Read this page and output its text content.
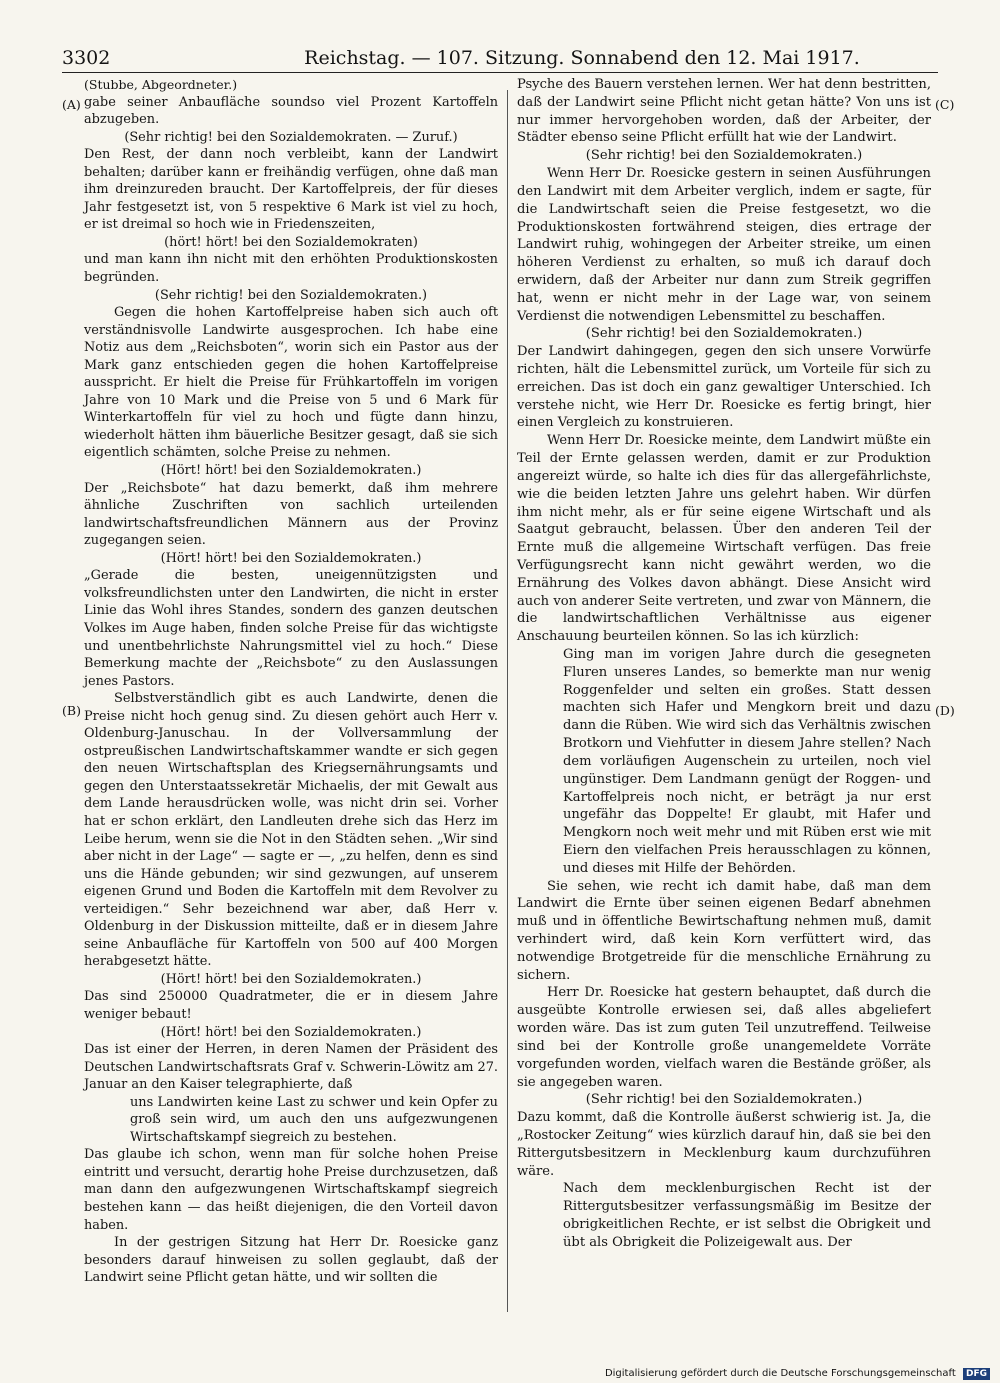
3302	Reichstag. — 107. Sitzung. Sonnabend den 12. Mai 1917.
(A)
(B)
(C)
(D)

(Stubbe, Abgeordneter.)

gabe seiner Anbaufläche soundso viel Prozent Kartoffeln abzugeben.

(Sehr richtig! bei den Sozialdemokraten. — Zuruf.)

Den Rest, der dann noch verbleibt, kann der Landwirt behalten; darüber kann er freihändig verfügen, ohne daß man ihm dreinzureden braucht. Der Kartoffelpreis, der für dieses Jahr festgesetzt ist, von 5 respektive 6 Mark ist viel zu hoch, er ist dreimal so hoch wie in Friedenszeiten,

(hört! hört! bei den Sozialdemokraten)

und man kann ihn nicht mit den erhöhten Produktionskosten begründen.

(Sehr richtig! bei den Sozialdemokraten.)

Gegen die hohen Kartoffelpreise haben sich auch oft verständnisvolle Landwirte ausgesprochen. Ich habe eine Notiz aus dem „Reichsboten“, worin sich ein Pastor aus der Mark ganz entschieden gegen die hohen Kartoffelpreise ausspricht. Er hielt die Preise für Frühkartoffeln im vorigen Jahre von 10 Mark und die Preise von 5 und 6 Mark für Winterkartoffeln für viel zu hoch und fügte dann hinzu, wiederholt hätten ihm bäuerliche Besitzer gesagt, daß sie sich eigentlich schämten, solche Preise zu nehmen.

(Hört! hört! bei den Sozialdemokraten.)

Der „Reichsbote“ hat dazu bemerkt, daß ihm mehrere ähnliche Zuschriften von sachlich urteilenden landwirtschaftsfreundlichen Männern aus der Provinz zugegangen seien.

(Hört! hört! bei den Sozialdemokraten.)

„Gerade die besten, uneigennützigsten und volksfreundlichsten unter den Landwirten, die nicht in erster Linie das Wohl ihres Standes, sondern des ganzen deutschen Volkes im Auge haben, finden solche Preise für das wichtigste und unentbehrlichste Nahrungsmittel viel zu hoch.“ Diese Bemerkung machte der „Reichsbote“ zu den Auslassungen jenes Pastors.

Selbstverständlich gibt es auch Landwirte, denen die Preise nicht hoch genug sind. Zu diesen gehört auch Herr v. Oldenburg-Januschau. In der Vollversammlung der ostpreußischen Landwirtschaftskammer wandte er sich gegen den neuen Wirtschaftsplan des Kriegsernährungsamts und gegen den Unterstaatssekretär Michaelis, der mit Gewalt aus dem Lande herausdrücken wolle, was nicht drin sei. Vorher hat er schon erklärt, den Landleuten drehe sich das Herz im Leibe herum, wenn sie die Not in den Städten sehen. „Wir sind aber nicht in der Lage“ — sagte er —, „zu helfen, denn es sind uns die Hände gebunden; wir sind gezwungen, auf unserem eigenen Grund und Boden die Kartoffeln mit dem Revolver zu verteidigen.“ Sehr bezeichnend war aber, daß Herr v. Oldenburg in der Diskussion mitteilte, daß er in diesem Jahre seine Anbaufläche für Kartoffeln von 500 auf 400 Morgen herabgesetzt hätte.

(Hört! hört! bei den Sozialdemokraten.)

Das sind 250000 Quadratmeter, die er in diesem Jahre weniger bebaut!

(Hört! hört! bei den Sozialdemokraten.)

Das ist einer der Herren, in deren Namen der Präsident des Deutschen Landwirtschaftsrats Graf v. Schwerin-Löwitz am 27. Januar an den Kaiser telegraphierte, daß

uns Landwirten keine Last zu schwer und kein Opfer zu groß sein wird, um auch den uns aufgezwungenen Wirtschaftskampf siegreich zu bestehen.

Das glaube ich schon, wenn man für solche hohen Preise eintritt und versucht, derartig hohe Preise durchzusetzen, daß man dann den aufgezwungenen Wirtschaftskampf siegreich bestehen kann — das heißt diejenigen, die den Vorteil davon haben.

In der gestrigen Sitzung hat Herr Dr. Roesicke ganz besonders darauf hinweisen zu sollen geglaubt, daß der Landwirt seine Pflicht getan hätte, und wir sollten die

Psyche des Bauern verstehen lernen. Wer hat denn bestritten, daß der Landwirt seine Pflicht nicht getan hätte? Von uns ist nur immer hervorgehoben worden, daß der Arbeiter, der Städter ebenso seine Pflicht erfüllt hat wie der Landwirt.

(Sehr richtig! bei den Sozialdemokraten.)

Wenn Herr Dr. Roesicke gestern in seinen Ausführungen den Landwirt mit dem Arbeiter verglich, indem er sagte, für die Landwirtschaft seien die Preise festgesetzt, wo die Produktionskosten fortwährend steigen, dies ertrage der Landwirt ruhig, wohingegen der Arbeiter streike, um einen höheren Verdienst zu erhalten, so muß ich darauf doch erwidern, daß der Arbeiter nur dann zum Streik gegriffen hat, wenn er nicht mehr in der Lage war, von seinem Verdienst die notwendigen Lebensmittel zu beschaffen.

(Sehr richtig! bei den Sozialdemokraten.)

Der Landwirt dahingegen, gegen den sich unsere Vorwürfe richten, hält die Lebensmittel zurück, um Vorteile für sich zu erreichen. Das ist doch ein ganz gewaltiger Unterschied. Ich verstehe nicht, wie Herr Dr. Roesicke es fertig bringt, hier einen Vergleich zu konstruieren.

Wenn Herr Dr. Roesicke meinte, dem Landwirt müßte ein Teil der Ernte gelassen werden, damit er zur Produktion angereizt würde, so halte ich dies für das allergefährlichste, wie die beiden letzten Jahre uns gelehrt haben. Wir dürfen ihm nicht mehr, als er für seine eigene Wirtschaft und als Saatgut gebraucht, belassen. Über den anderen Teil der Ernte muß die allgemeine Wirtschaft verfügen. Das freie Verfügungsrecht kann nicht gewährt werden, wo die Ernährung des Volkes davon abhängt. Diese Ansicht wird auch von anderer Seite vertreten, und zwar von Männern, die die landwirtschaftlichen Verhältnisse aus eigener Anschauung beurteilen können. So las ich kürzlich:

Ging man im vorigen Jahre durch die gesegneten Fluren unseres Landes, so bemerkte man nur wenig Roggenfelder und selten ein großes. Statt dessen machten sich Hafer und Mengkorn breit und dazu dann die Rüben. Wie wird sich das Verhältnis zwischen Brotkorn und Viehfutter in diesem Jahre stellen? Nach dem vorläufigen Augenschein zu urteilen, noch viel ungünstiger. Dem Landmann genügt der Roggen- und Kartoffelpreis noch nicht, er beträgt ja nur erst ungefähr das Doppelte! Er glaubt, mit Hafer und Mengkorn noch weit mehr und mit Rüben erst wie mit Eiern den vielfachen Preis herausschlagen zu können, und dieses mit Hilfe der Behörden.

Sie sehen, wie recht ich damit habe, daß man dem Landwirt die Ernte über seinen eigenen Bedarf abnehmen muß und in öffentliche Bewirtschaftung nehmen muß, damit verhindert wird, daß kein Korn verfüttert wird, das notwendige Brotgetreide für die menschliche Ernährung zu sichern.

Herr Dr. Roesicke hat gestern behauptet, daß durch die ausgeübte Kontrolle erwiesen sei, daß alles abgeliefert worden wäre. Das ist zum guten Teil unzutreffend. Teilweise sind bei der Kontrolle große unangemeldete Vorräte vorgefunden worden, vielfach waren die Bestände größer, als sie angegeben waren.

(Sehr richtig! bei den Sozialdemokraten.)

Dazu kommt, daß die Kontrolle äußerst schwierig ist. Ja, die „Rostocker Zeitung“ wies kürzlich darauf hin, daß sie bei den Rittergutsbesitzern in Mecklenburg kaum durchzuführen wäre.

Nach dem mecklenburgischen Recht ist der Rittergutsbesitzer verfassungsmäßig im Besitze der obrigkeitlichen Rechte, er ist selbst die Obrigkeit und übt als Obrigkeit die Polizeigewalt aus. Der

Digitalisierung gefördert durch die Deutsche Forschungsgemeinschaft DFG
